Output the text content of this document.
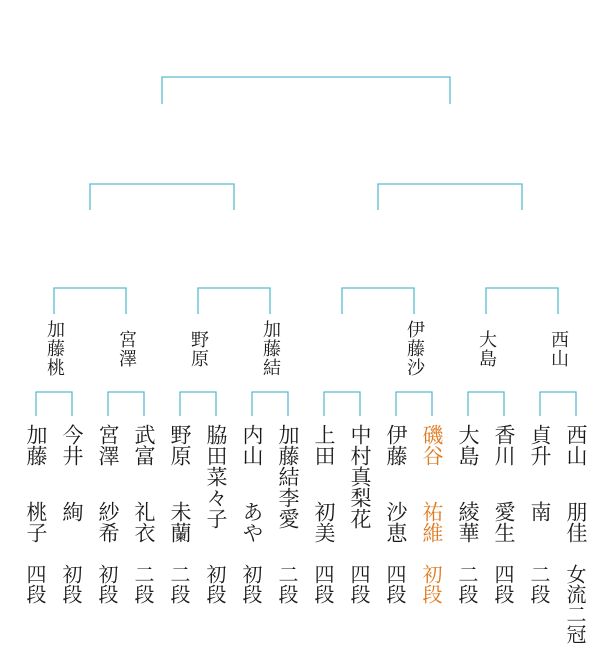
加藤桃	宮澤	野原	加藤結	伊藤沙	大島	西山
加藤
桃子
四段
今井
絢
初段
宮澤
紗希
初段
武富
礼衣
二段
野原
未蘭
二段
脇田菜々子
初段
内山
あや
初段
加藤結李愛
二段
上田
初美
四段
中村真梨花
四段
伊藤
沙恵
四段
磯谷
祐維
初段
大島
綾華
二段
香川
愛生
四段
貞升
南
二段
西山
朋佳
女流二冠
